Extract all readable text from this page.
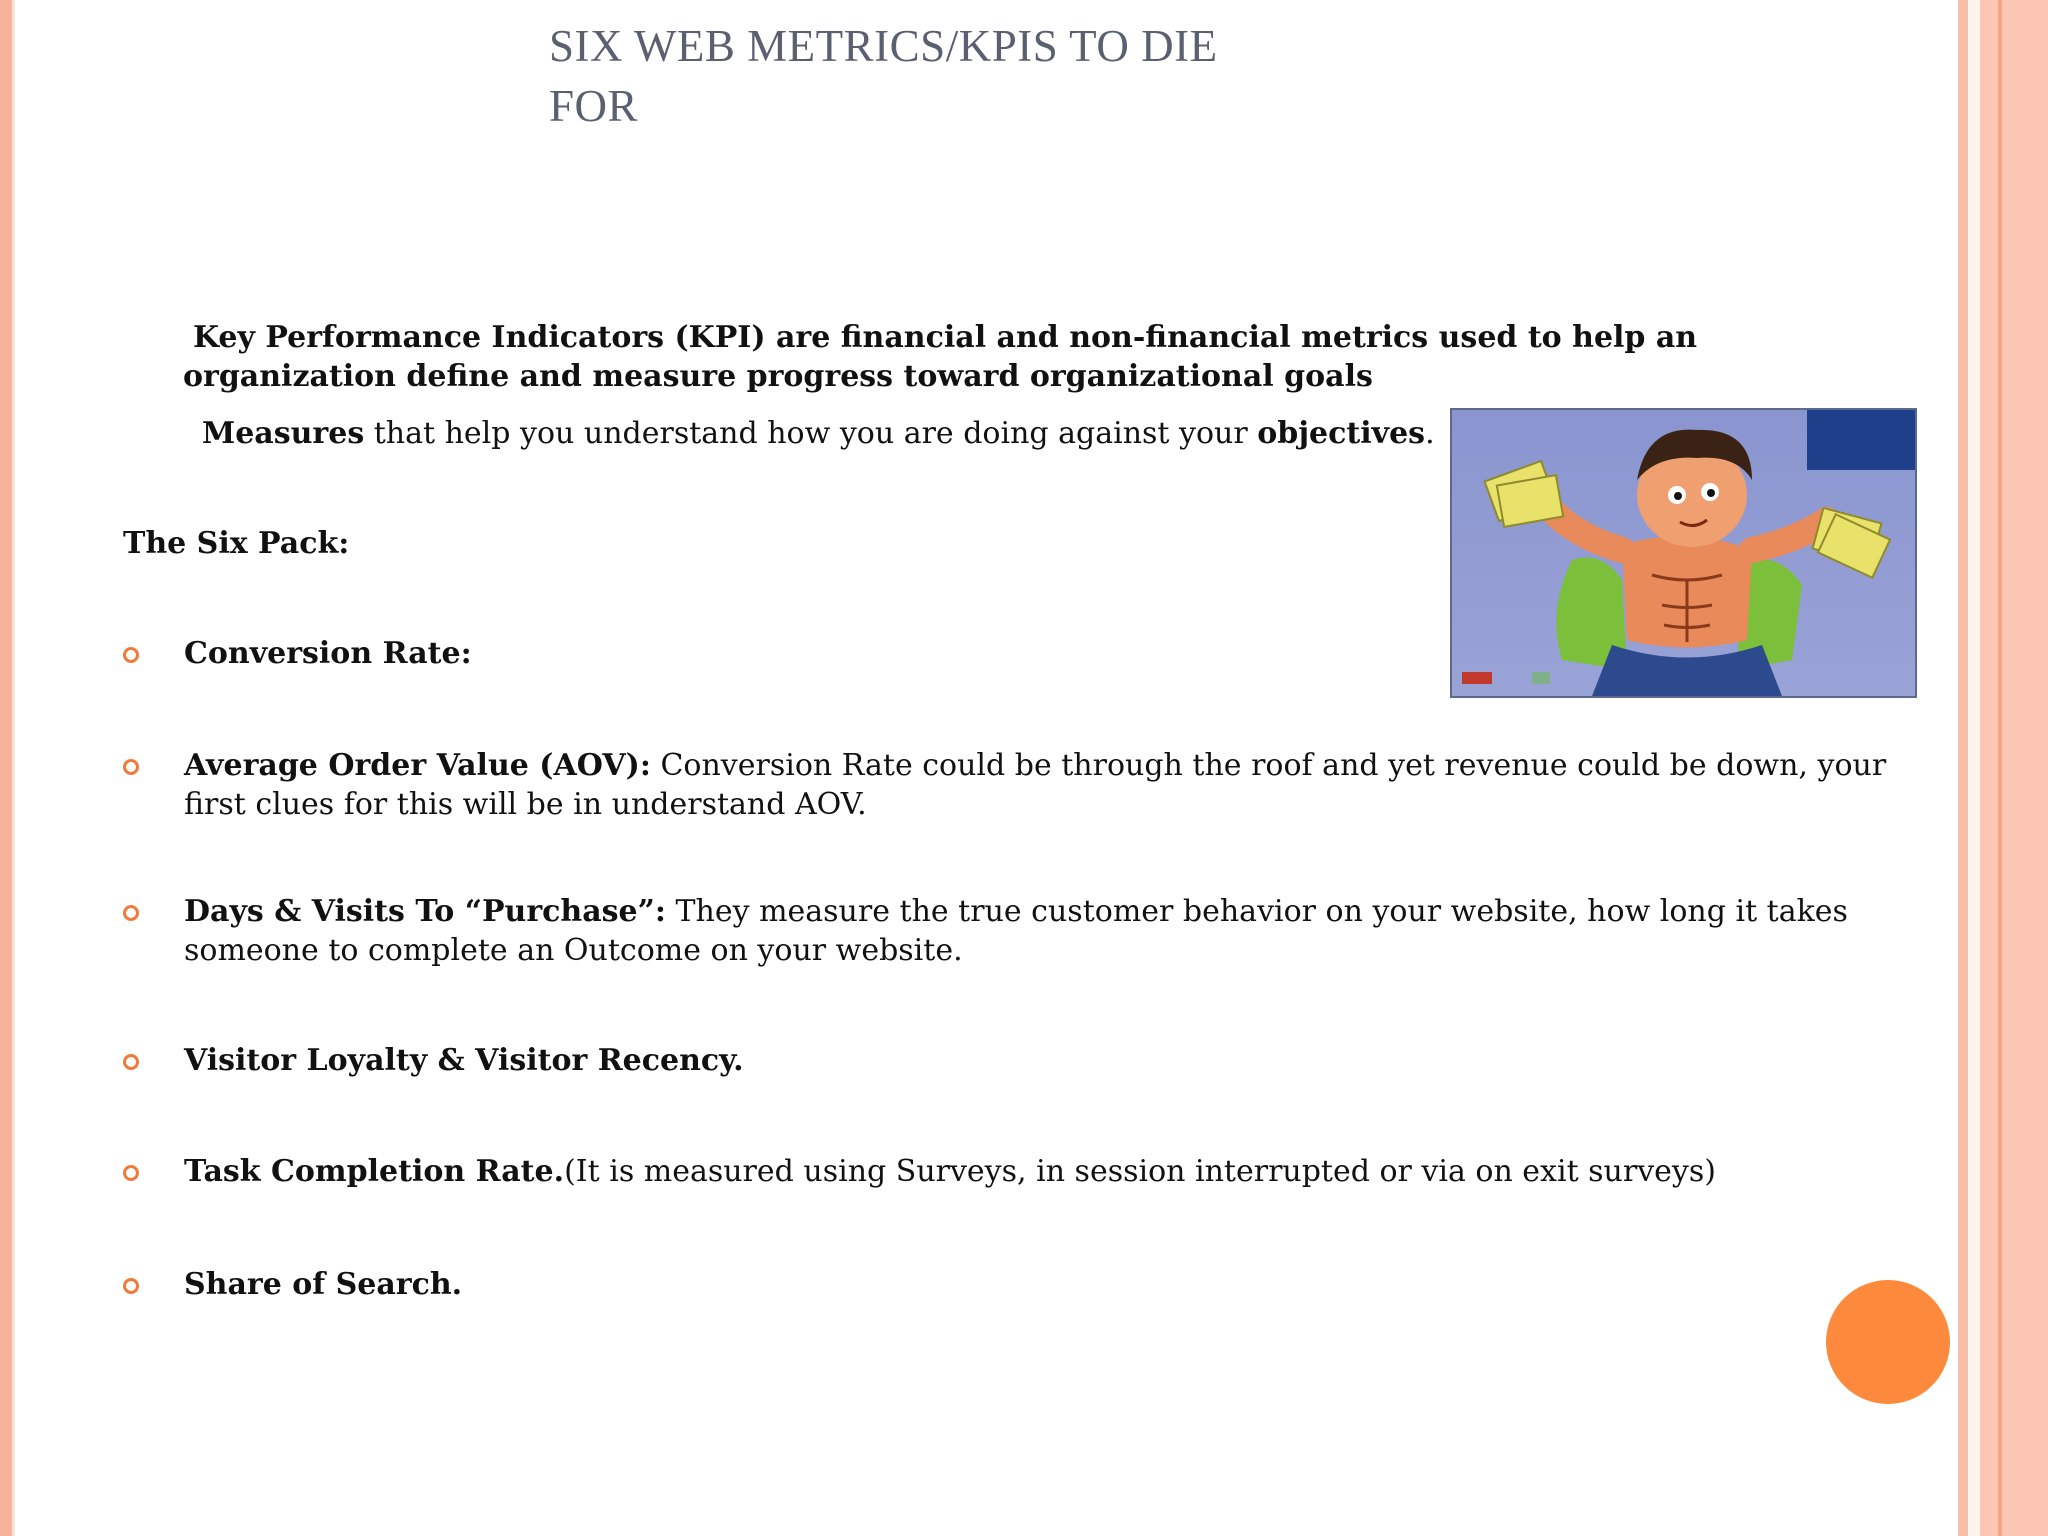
SIX WEB METRICS/KPIS TO DIE
FOR
Key Performance Indicators (KPI) are financial and non-financial metrics used to help an organization define and measure progress toward organizational goals
Measures that help you understand how you are doing against your objectives.
The Six Pack:
Conversion Rate:
Average Order Value (AOV): Conversion Rate could be through the roof and yet revenue could be down, your first clues for this will be in understand AOV.
Days & Visits To “Purchase”: They measure the true customer behavior on your website, how long it takes someone to complete an Outcome on your website.
Visitor Loyalty & Visitor Recency.
Task Completion Rate.(It is measured using Surveys, in session interrupted or via on exit surveys)
Share of Search.
